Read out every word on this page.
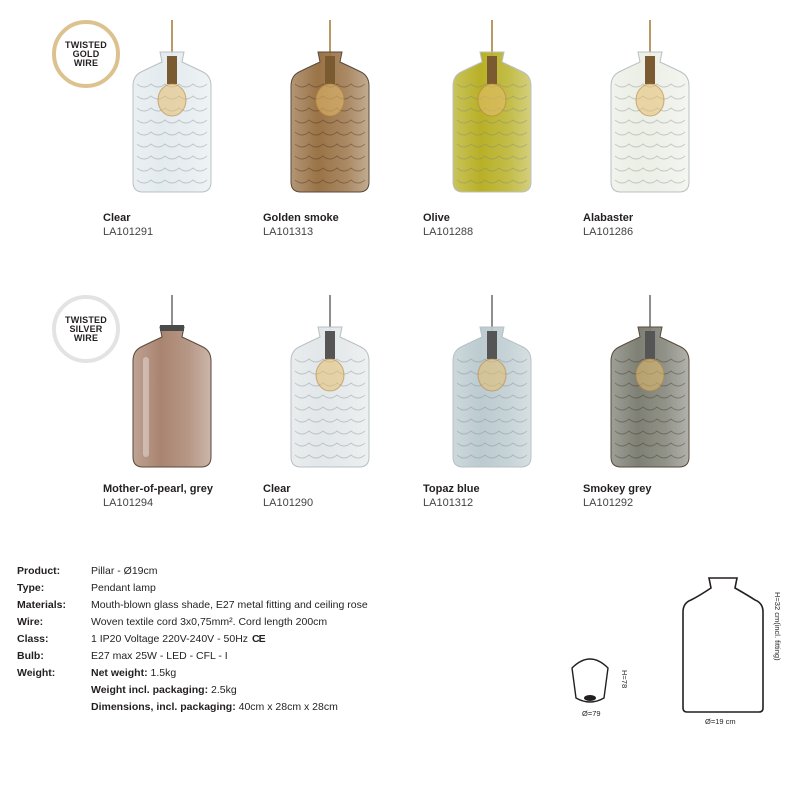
TWISTED
GOLD
WIRE
TWISTED
SILVER
WIRE
Clear
LA101291
Golden smoke
LA101313
Olive
LA101288
Alabaster
LA101286
Mother-of-pearl, grey
LA101294
Clear
LA101290
Topaz blue
LA101312
Smokey grey
LA101292
Product:	Pillar - Ø19cm
Type:	Pendant lamp
Materials:	Mouth-blown glass shade, E27 metal fitting and ceiling rose
Wire:	Woven textile cord 3x0,75mm². Cord length 200cm
Class:	1 IP20 Voltage 220V-240V - 50Hz CE
Bulb:	E27 max 25W - LED - CFL - I
Weight:	Net weight: 1.5kg
Weight incl. packaging: 2.5kg
Dimensions, incl. packaging: 40cm x 28cm x 28cm
Ø=79
H=78
Ø=19 cm
H=32 cm(incl. fitting)
